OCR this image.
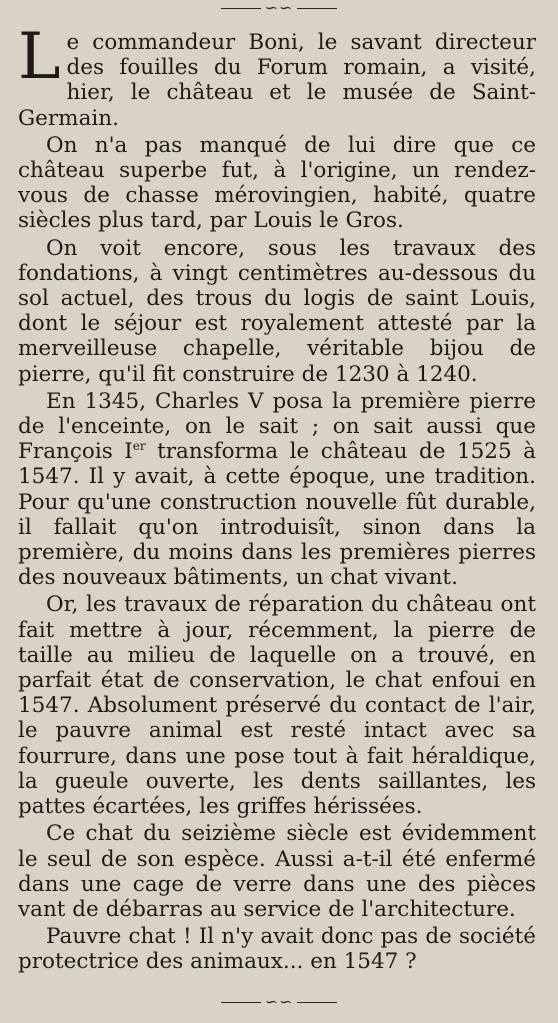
∽∽

Le commandeur Boni, le savant directeur des fouilles du Forum romain, a visité, hier, le château et le musée de Saint-Germain.

On n'a pas manqué de lui dire que ce château superbe fut, à l'origine, un rendez-vous de chasse mérovingien, habité, quatre siècles plus tard, par Louis le Gros.

On voit encore, sous les travaux des fondations, à vingt centimètres au-dessous du sol actuel, des trous du logis de saint Louis, dont le séjour est royalement attesté par la merveilleuse chapelle, véritable bijou de pierre, qu'il fit construire de 1230 à 1240.

En 1345, Charles V posa la première pierre de l'enceinte, on le sait ; on sait aussi que François Ier transforma le château de 1525 à 1547. Il y avait, à cette époque, une tradition. Pour qu'une construction nouvelle fût durable, il fallait qu'on introduisît, sinon dans la première, du moins dans les premières pierres des nouveaux bâtiments, un chat vivant.

Or, les travaux de réparation du château ont fait mettre à jour, récemment, la pierre de taille au milieu de laquelle on a trouvé, en parfait état de conservation, le chat enfoui en 1547. Absolument préservé du contact de l'air, le pauvre animal est resté intact avec sa fourrure, dans une pose tout à fait héraldique, la gueule ouverte, les dents saillantes, les pattes écartées, les griffes hérissées.

Ce chat du seizième siècle est évidemment le seul de son espèce. Aussi a-t-il été enfermé dans une cage de verre dans une des pièces vant de débarras au service de l'architecture.

Pauvre chat ! Il n'y avait donc pas de société protectrice des animaux... en 1547 ?

∽∽
